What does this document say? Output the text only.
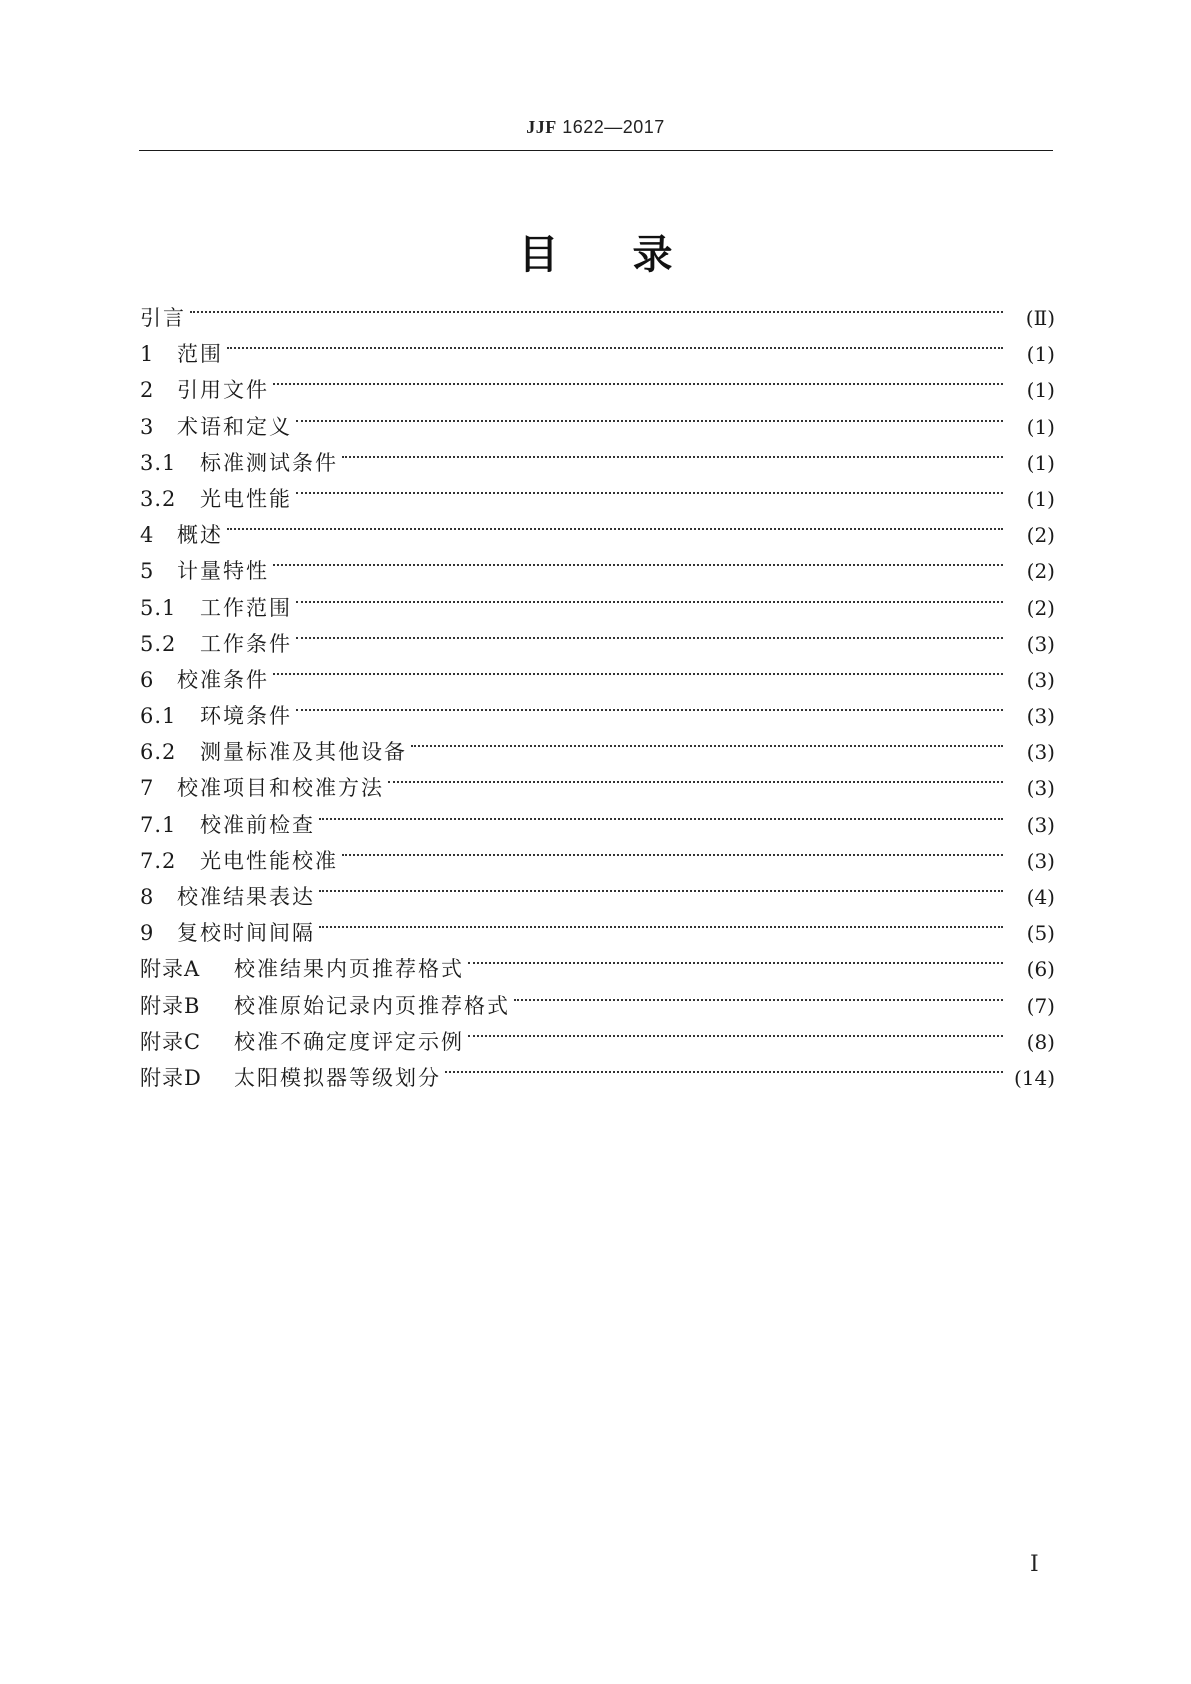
JJF 1622—2017
目 录
引言	(Ⅱ)
1	范围	(1)
2	引用文件	(1)
3	术语和定义	(1)
3.1	标准测试条件	(1)
3.2	光电性能	(1)
4	概述	(2)
5	计量特性	(2)
5.1	工作范围	(2)
5.2	工作条件	(3)
6	校准条件	(3)
6.1	环境条件	(3)
6.2	测量标准及其他设备	(3)
7	校准项目和校准方法	(3)
7.1	校准前检查	(3)
7.2	光电性能校准	(3)
8	校准结果表达	(4)
9	复校时间间隔	(5)
附录A	校准结果内页推荐格式	(6)
附录B	校准原始记录内页推荐格式	(7)
附录C	校准不确定度评定示例	(8)
附录D	太阳模拟器等级划分	(14)
Ⅰ
